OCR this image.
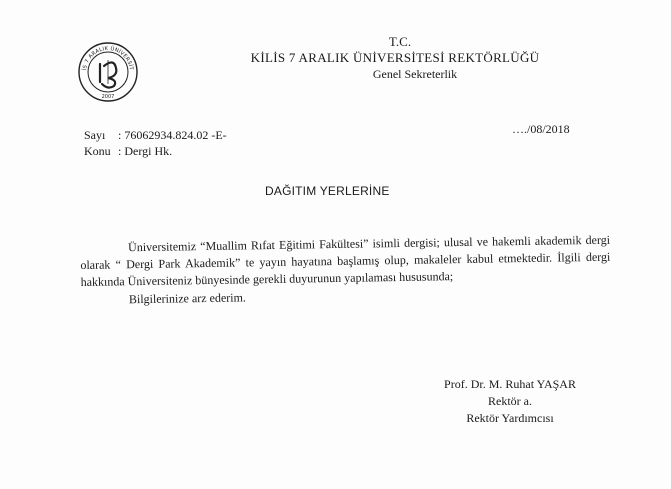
İS 7 ARALIK ÜNİVERSİT
2007
T.C.
KİLİS 7 ARALIK ÜNİVERSİTESİ REKTÖRLÜĞÜ
Genel Sekreterlik
Sayı : 76062934.824.02 -E-
Konu : Dergi Hk.
…./08/2018
DAĞITIM YERLERİNE

Üniversitemiz “Muallim Rıfat Eğitimi Fakültesi” isimli dergisi; ulusal ve hakemli akademik dergi olarak “ Dergi Park Akademik” te yayın hayatına başlamış olup, makaleler kabul etmektedir. İlgili dergi hakkında Üniversiteniz bünyesinde gerekli duyurunun yapılaması hususunda;

Bilgilerinize arz ederim.

Prof. Dr. M. Ruhat YAŞAR
Rektör a.
Rektör Yardımcısı
